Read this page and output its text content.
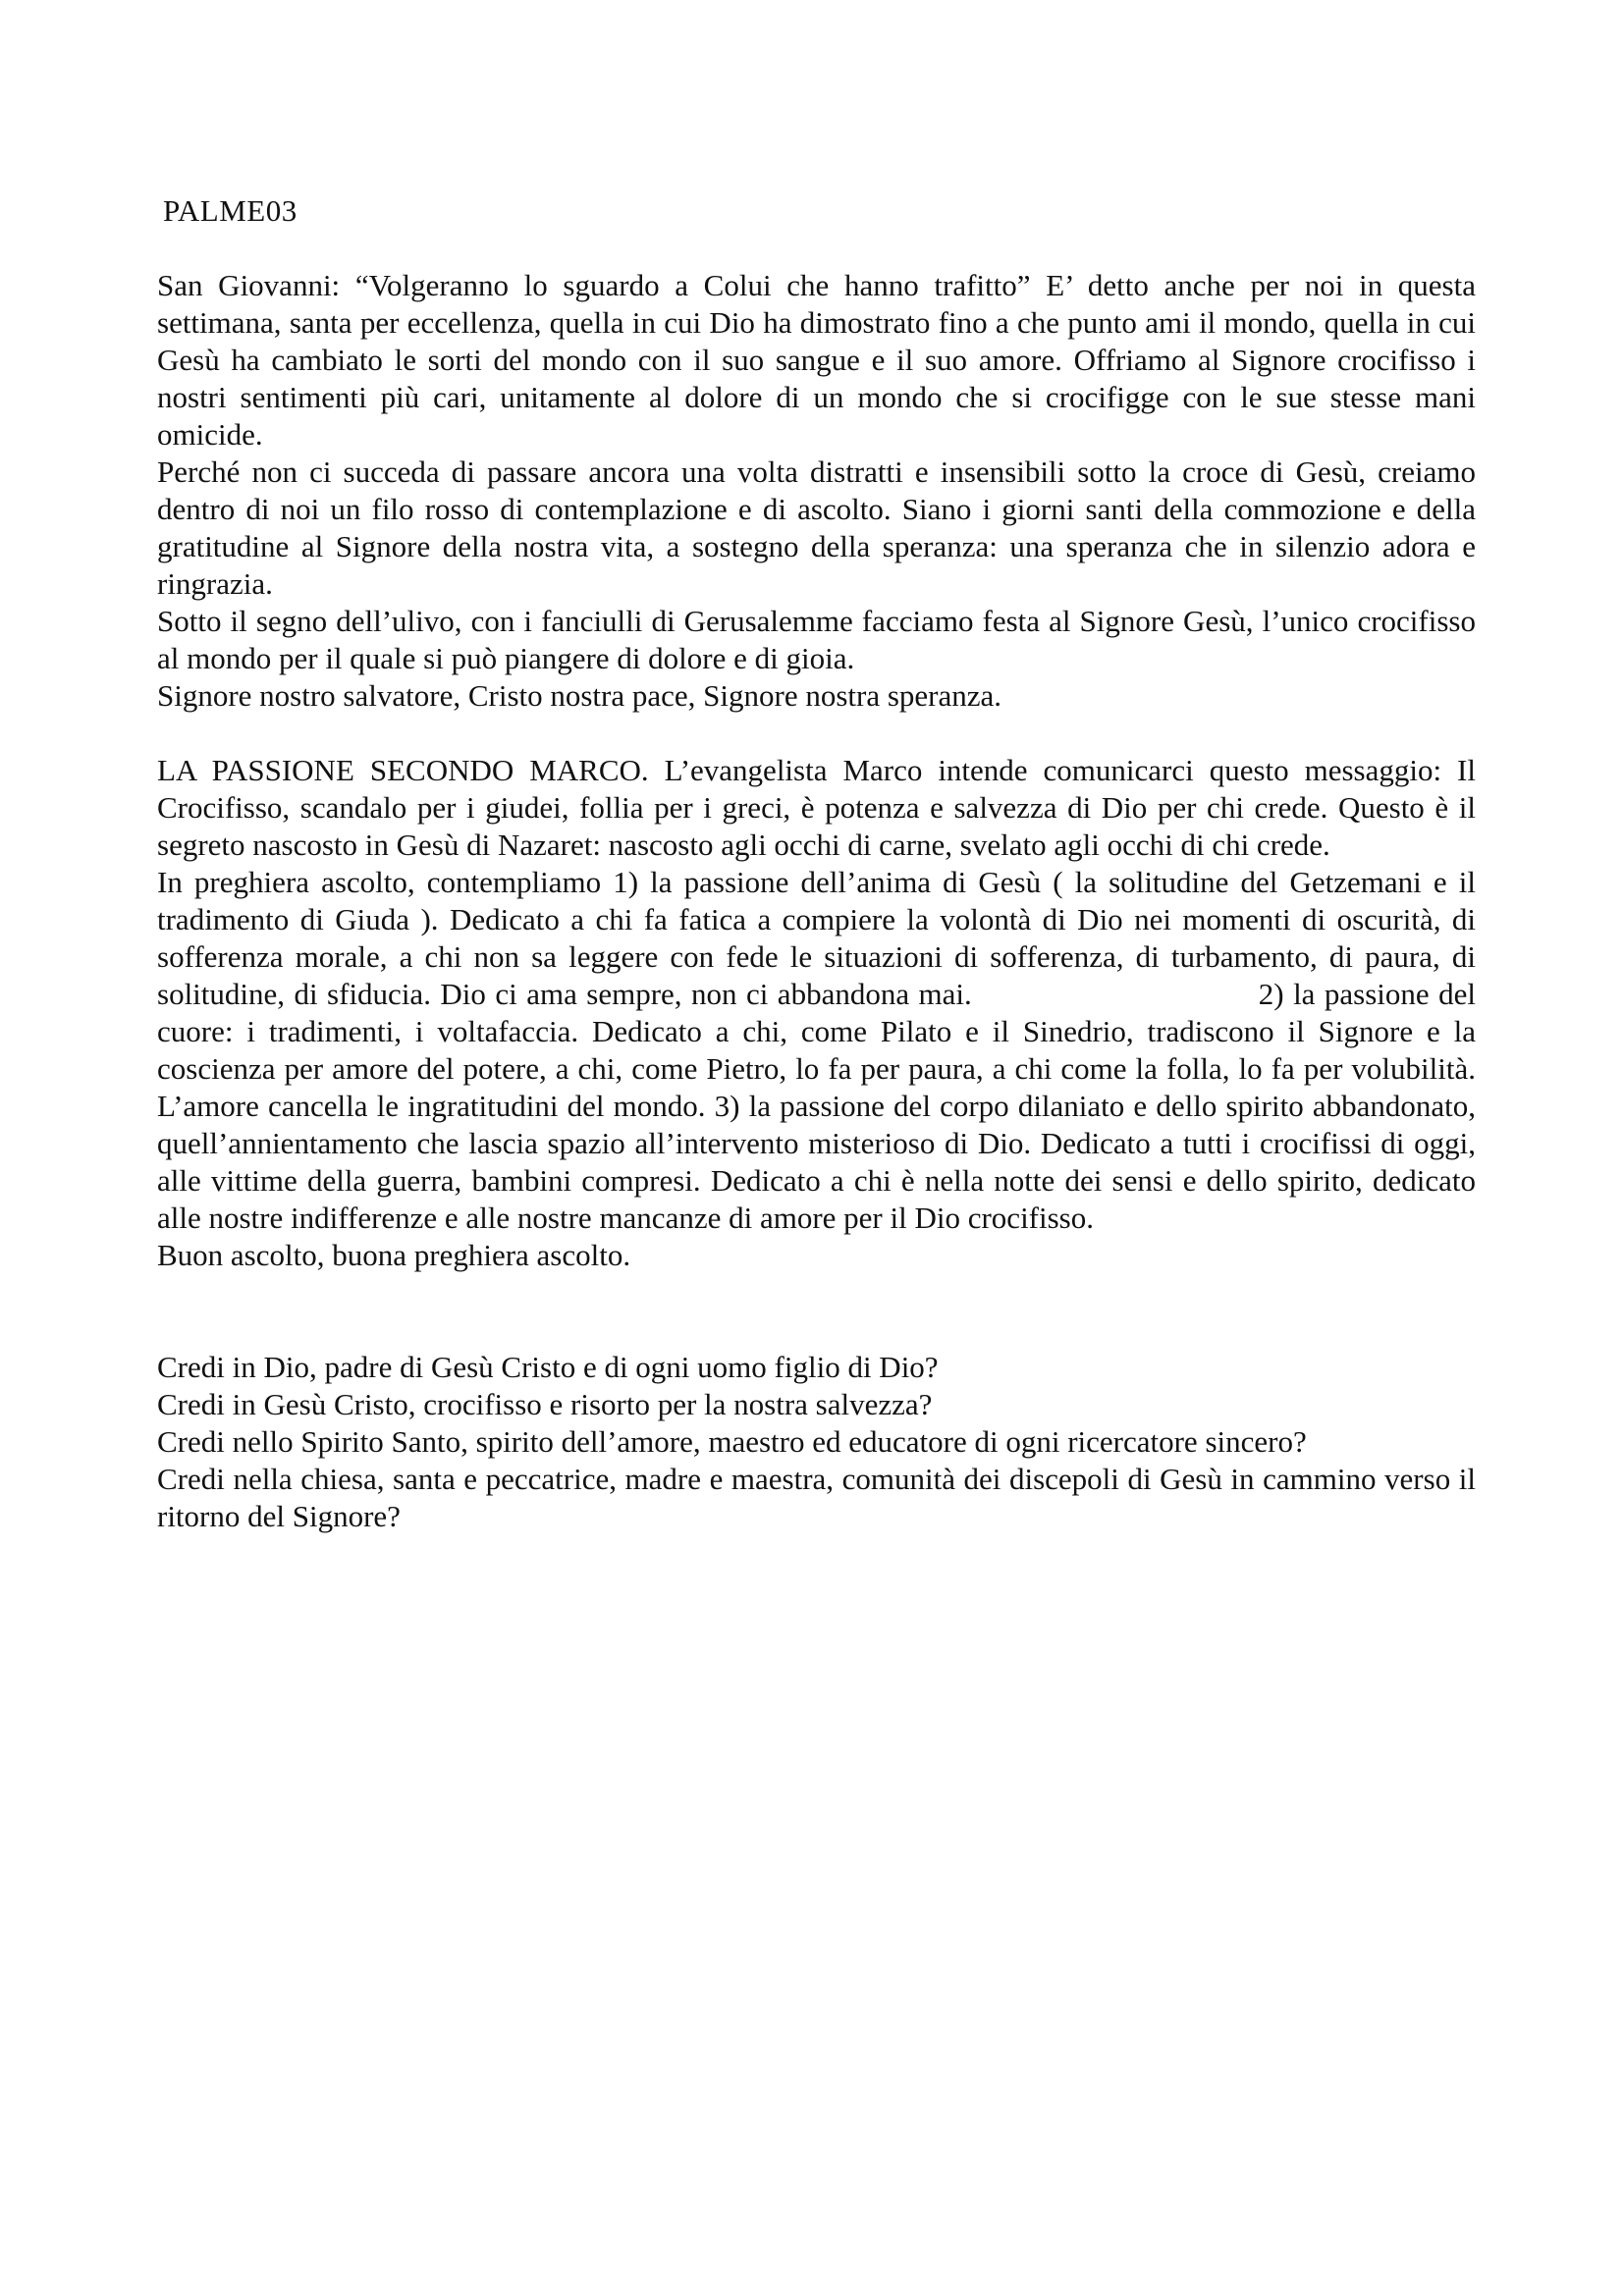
PALME03

San Giovanni: “Volgeranno lo sguardo a Colui che hanno trafitto” E’ detto anche per noi in questa settimana, santa per eccellenza, quella in cui Dio ha dimostrato fino a che punto ami il mondo, quella in cui Gesù ha cambiato le sorti del mondo con il suo sangue e il suo amore. Offriamo al Signore crocifisso i nostri sentimenti più cari, unitamente al dolore di un mondo che si crocifigge con le sue stesse mani omicide.

Perché non ci succeda di passare ancora una volta distratti e insensibili sotto la croce di Gesù, creiamo dentro di noi un filo rosso di contemplazione e di ascolto. Siano i giorni santi della commozione e della gratitudine al Signore della nostra vita, a sostegno della speranza: una speranza che in silenzio adora e ringrazia.

Sotto il segno dell’ulivo, con i fanciulli di Gerusalemme facciamo festa al Signore Gesù, l’unico crocifisso al mondo per il quale si può piangere di dolore e di gioia.

Signore nostro salvatore, Cristo nostra pace, Signore nostra speranza.

LA PASSIONE SECONDO MARCO. L’evangelista Marco intende comunicarci questo messaggio: Il Crocifisso, scandalo per i giudei, follia per i greci, è potenza e salvezza di Dio per chi crede. Questo è il segreto nascosto in Gesù di Nazaret: nascosto agli occhi di carne, svelato agli occhi di chi crede.

In preghiera ascolto, contempliamo 1) la passione dell’anima di Gesù ( la solitudine del Getzemani e il tradimento di Giuda ). Dedicato a chi fa fatica a compiere la volontà di Dio nei momenti di oscurità, di sofferenza morale, a chi non sa leggere con fede le situazioni di sofferenza, di turbamento, di paura, di solitudine, di sfiducia. Dio ci ama sempre, non ci abbandona mai.	2) la passione del cuore: i tradimenti, i voltafaccia. Dedicato a chi, come Pilato e il Sinedrio, tradiscono il Signore e la coscienza per amore del potere, a chi, come Pietro, lo fa per paura, a chi come la folla, lo fa per volubilità. L’amore cancella le ingratitudini del mondo. 3) la passione del corpo dilaniato e dello spirito abbandonato, quell’annientamento che lascia spazio all’intervento misterioso di Dio. Dedicato a tutti i crocifissi di oggi, alle vittime della guerra, bambini compresi. Dedicato a chi è nella notte dei sensi e dello spirito, dedicato alle nostre indifferenze e alle nostre mancanze di amore per il Dio crocifisso.

Buon ascolto, buona preghiera ascolto.

Credi in Dio, padre di Gesù Cristo e di ogni uomo figlio di Dio?

Credi in Gesù Cristo, crocifisso e risorto per la nostra salvezza?

Credi nello Spirito Santo, spirito dell’amore, maestro ed educatore di ogni ricercatore sincero?

Credi nella chiesa, santa e peccatrice, madre e maestra, comunità dei discepoli di Gesù in cammino verso il ritorno del Signore?
